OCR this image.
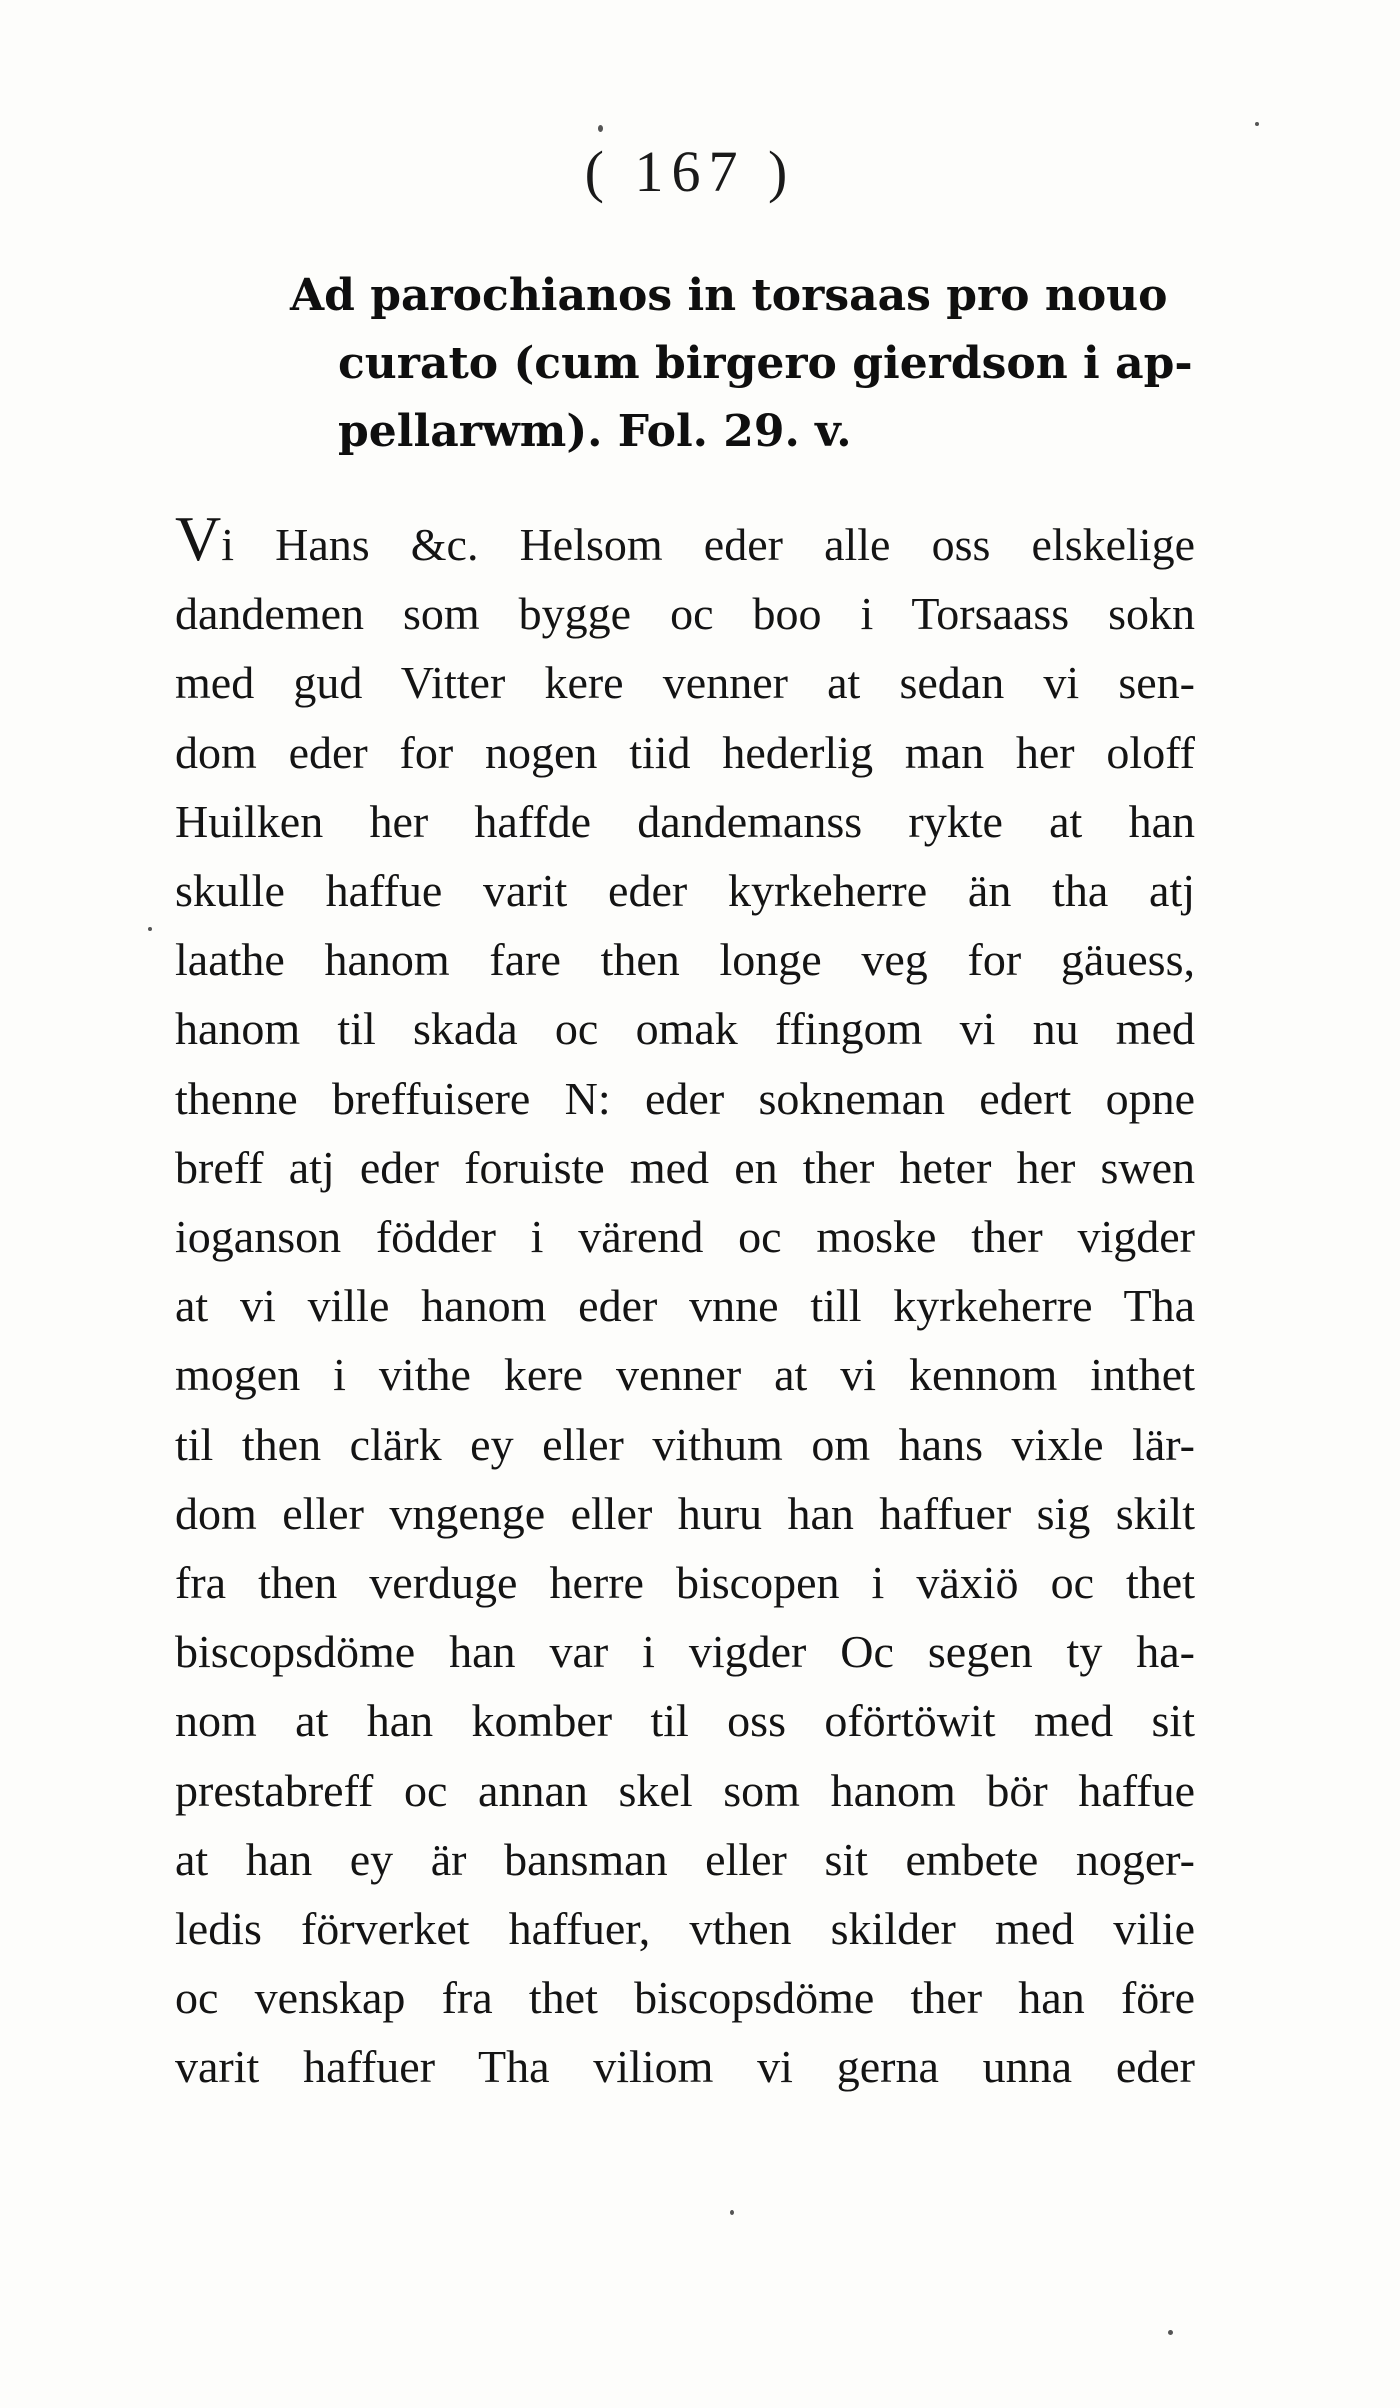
( 167 )
Ad parochianos in torsaas pro nouo
curato (cum birgero gierdson i ap-
pellarwm). Fol. 29. v.
Vi Hans &c. Helsom eder alle oss elskelige
dandemen som bygge oc boo i Torsaass sokn
med gud Vitter kere venner at sedan vi sen-
dom eder for nogen tiid hederlig man her oloff
Huilken her haffde dandemanss rykte at han
skulle haffue varit eder kyrkeherre än tha atj
laathe hanom fare then longe veg for gäuess,
hanom til skada oc omak ffingom vi nu med
thenne breffuisere N: eder sokneman edert opne
breff atj eder foruiste med en ther heter her swen
ioganson födder i värend oc moske ther vigder
at vi ville hanom eder vnne till kyrkeherre Tha
mogen i vithe kere venner at vi kennom inthet
til then clärk ey eller vithum om hans vixle lär-
dom eller vngenge eller huru han haffuer sig skilt
fra then verduge herre biscopen i växiö oc thet
biscopsdöme han var i vigder Oc segen ty ha-
nom at han komber til oss oförtöwit med sit
prestabreff oc annan skel som hanom bör haffue
at han ey är bansman eller sit embete noger-
ledis förverket haffuer, vthen skilder med vilie
oc venskap fra thet biscopsdöme ther han före
varit haffuer Tha viliom vi gerna unna eder
